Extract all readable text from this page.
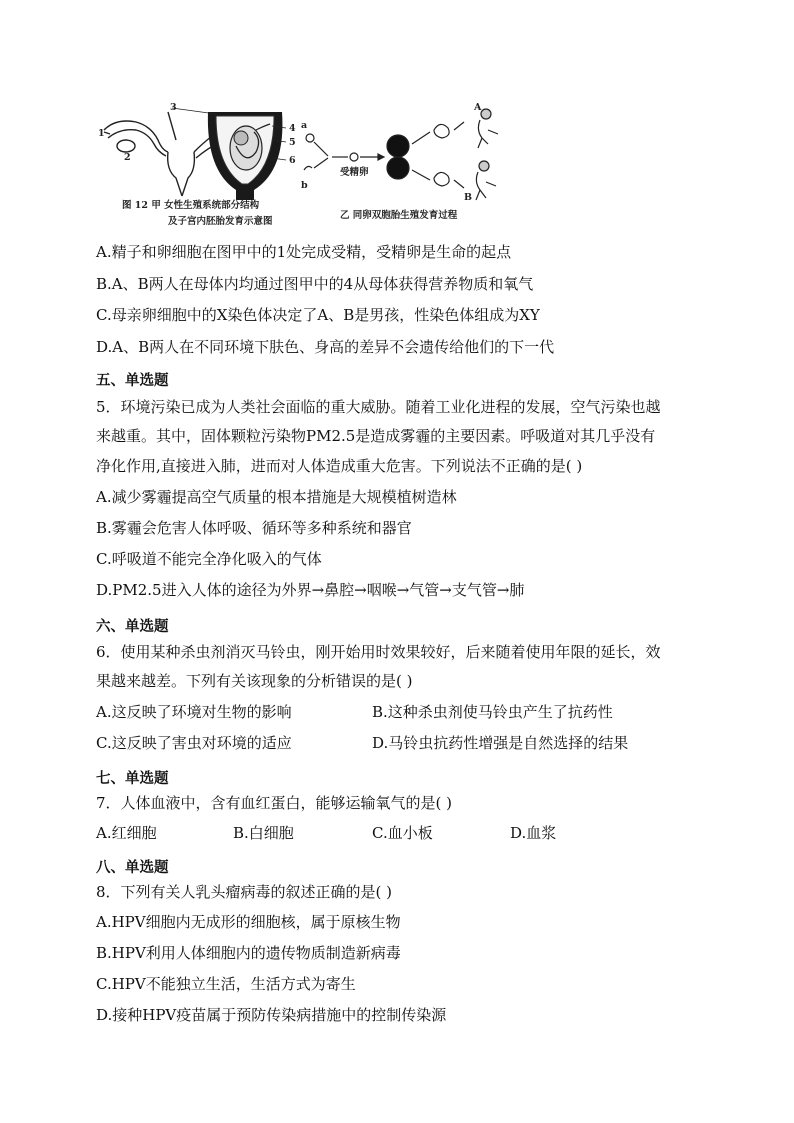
3
4
5
6
1
2
a
b
A
B
受精卵
图 12 甲 女性生殖系统部分结构
及子宫内胚胎发育示意图
乙 同卵双胞胎生殖发育过程
A.精子和卵细胞在图甲中的1处完成受精，受精卵是生命的起点
B.A、B两人在母体内均通过图甲中的4从母体获得营养物质和氧气
C.母亲卵细胞中的X染色体决定了A、B是男孩，性染色体组成为XY
D.A、B两人在不同环境下肤色、身高的差异不会遗传给他们的下一代
五、单选题
5．环境污染已成为人类社会面临的重大威胁。随着工业化进程的发展，空气污染也越
来越重。其中，固体颗粒污染物PM2.5是造成雾霾的主要因素。呼吸道对其几乎没有
净化作用,直接进入肺，进而对人体造成重大危害。下列说法不正确的是( )
A.减少雾霾提高空气质量的根本措施是大规模植树造林
B.雾霾会危害人体呼吸、循环等多种系统和器官
C.呼吸道不能完全净化吸入的气体
D.PM2.5进入人体的途径为外界→鼻腔→咽喉→气管→支气管→肺
六、单选题
6．使用某种杀虫剂消灭马铃虫，刚开始用时效果较好，后来随着使用年限的延长，效
果越来越差。下列有关该现象的分析错误的是( )
A.这反映了环境对生物的影响	B.这种杀虫剂使马铃虫产生了抗药性
C.这反映了害虫对环境的适应	D.马铃虫抗药性增强是自然选择的结果
七、单选题
7．人体血液中，含有血红蛋白，能够运输氧气的是( )
A.红细胞	B.白细胞	C.血小板	D.血浆
八、单选题
8．下列有关人乳头瘤病毒的叙述正确的是( )
A.HPV细胞内无成形的细胞核，属于原核生物
B.HPV利用人体细胞内的遗传物质制造新病毒
C.HPV不能独立生活，生活方式为寄生
D.接种HPV疫苗属于预防传染病措施中的控制传染源
